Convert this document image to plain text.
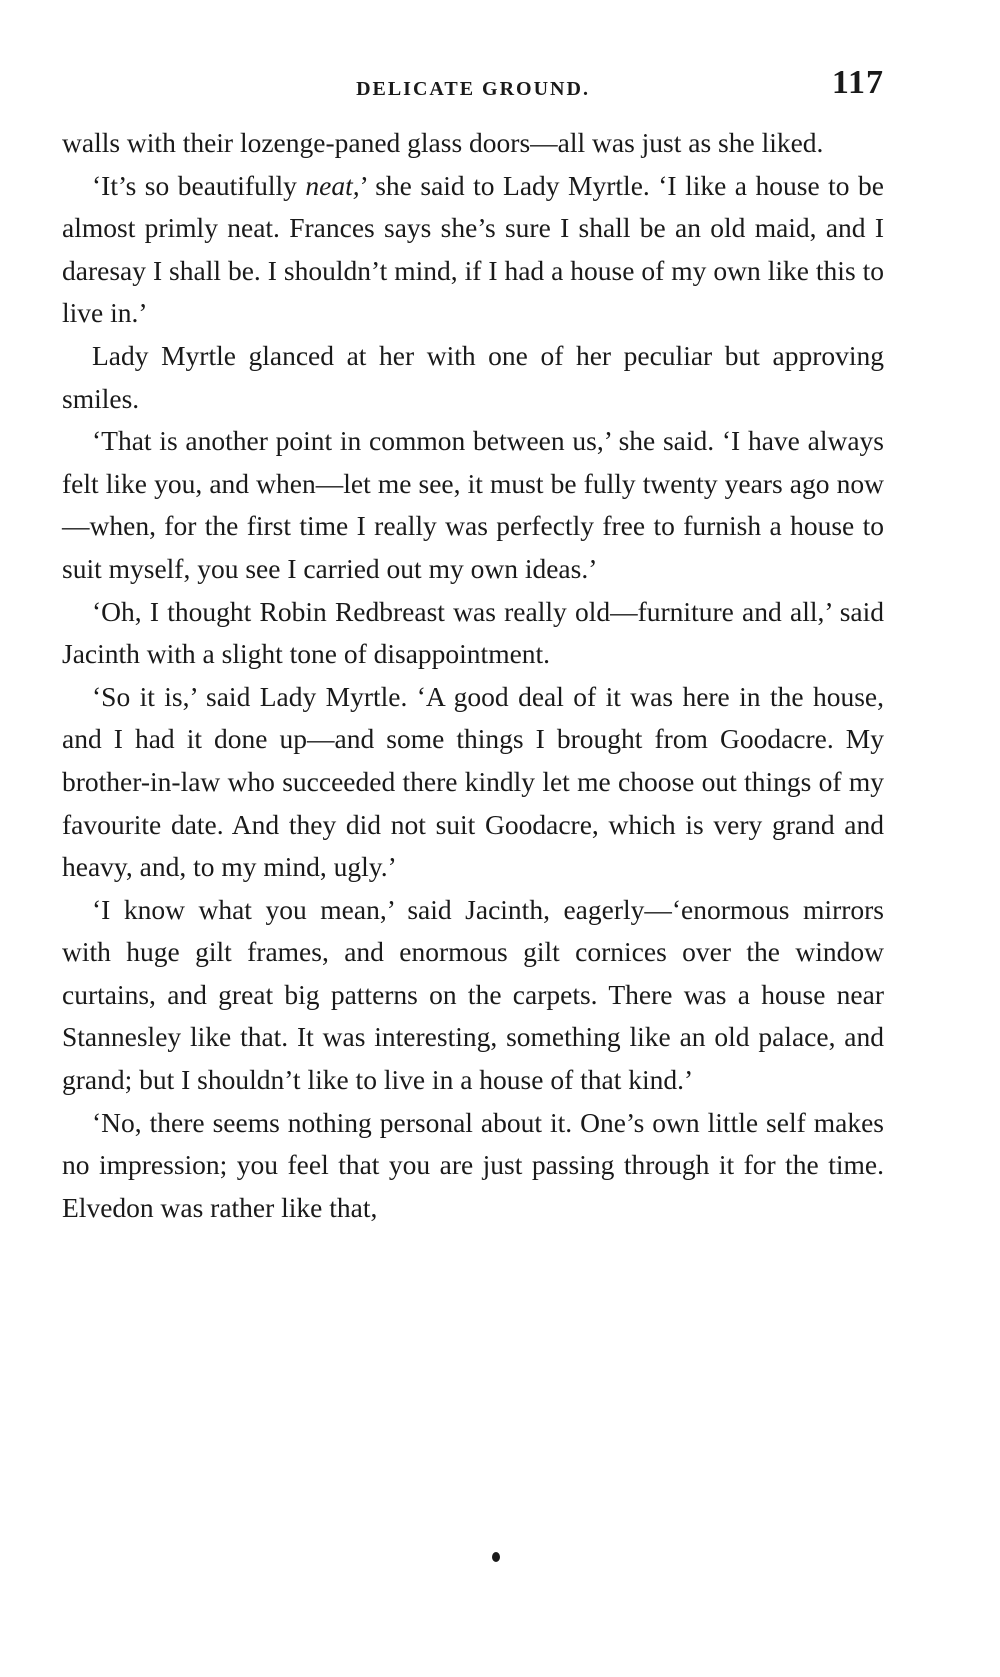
DELICATE GROUND.	117

walls with their lozenge-paned glass doors—all was just as she liked.

‘It’s so beautifully neat,’ she said to Lady Myrtle. ‘I like a house to be almost primly neat. Frances says she’s sure I shall be an old maid, and I daresay I shall be. I shouldn’t mind, if I had a house of my own like this to live in.’

Lady Myrtle glanced at her with one of her peculiar but approving smiles.

‘That is another point in common between us,’ she said. ‘I have always felt like you, and when—let me see, it must be fully twenty years ago now—when, for the first time I really was perfectly free to furnish a house to suit myself, you see I carried out my own ideas.’

‘Oh, I thought Robin Redbreast was really old—furniture and all,’ said Jacinth with a slight tone of disappointment.

‘So it is,’ said Lady Myrtle. ‘A good deal of it was here in the house, and I had it done up—and some things I brought from Goodacre. My brother-in-law who succeeded there kindly let me choose out things of my favourite date. And they did not suit Goodacre, which is very grand and heavy, and, to my mind, ugly.’

‘I know what you mean,’ said Jacinth, eagerly—‘enormous mirrors with huge gilt frames, and enormous gilt cornices over the window curtains, and great big patterns on the carpets. There was a house near Stannesley like that. It was interesting, something like an old palace, and grand; but I shouldn’t like to live in a house of that kind.’

‘No, there seems nothing personal about it. One’s own little self makes no impression; you feel that you are just passing through it for the time. Elvedon was rather like that,
